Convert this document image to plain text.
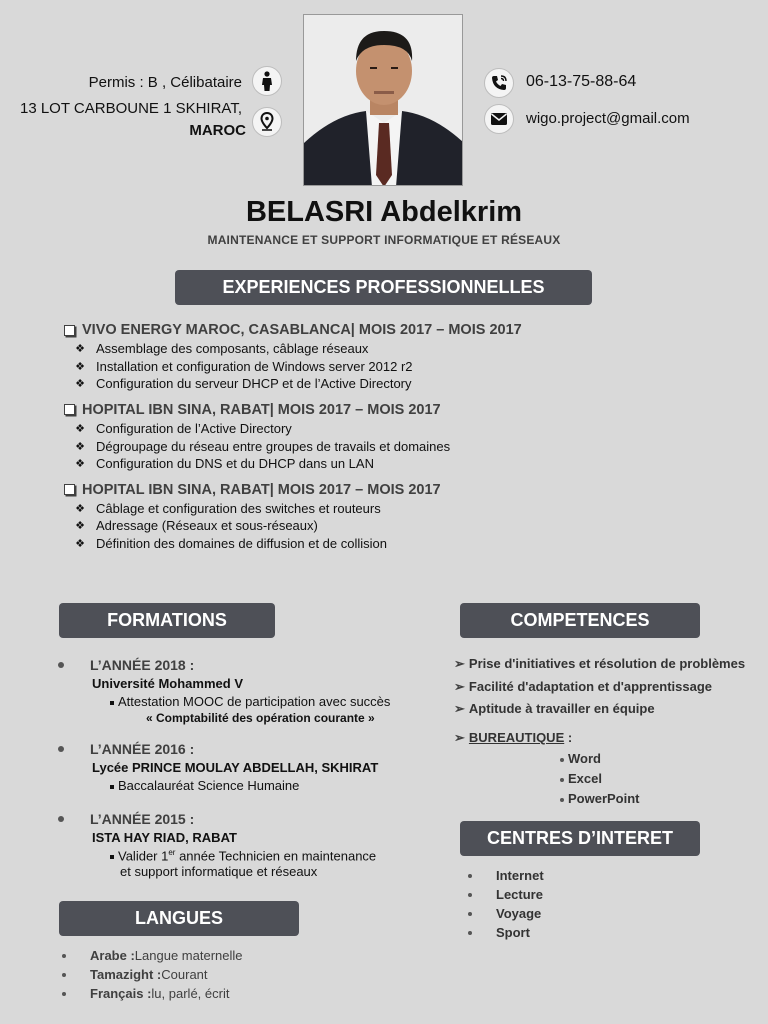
Permis : B , Célibataire
13 LOT CARBOUNE 1 SKHIRAT,
MAROC
06-13-75-88-64
wigo.project@gmail.com
BELASRI Abdelkrim
MAINTENANCE ET SUPPORT INFORMATIQUE ET RÉSEAUX
EXPERIENCES PROFESSIONNELLES
VIVO ENERGY MAROC, CASABLANCA| MOIS 2017 – MOIS 2017
❖ Assemblage des composants, câblage réseaux
❖ Installation et configuration de Windows server 2012 r2
❖ Configuration du serveur DHCP et de l’Active Directory
HOPITAL IBN SINA, RABAT| MOIS 2017 – MOIS 2017
❖ Configuration de l’Active Directory
❖ Dégroupage du réseau entre groupes de travails et domaines
❖ Configuration du DNS et du DHCP dans un LAN
HOPITAL IBN SINA, RABAT| MOIS 2017 – MOIS 2017
❖ Câblage et configuration des switches et routeurs
❖ Adressage (Réseaux et sous-réseaux)
❖ Définition des domaines de diffusion et de collision
FORMATIONS
L’ANNÉE 2018 :
Université Mohammed V
Attestation MOOC de participation avec succès
« Comptabilité des opération courante »
L’ANNÉE 2016 :
Lycée PRINCE MOULAY ABDELLAH, SKHIRAT
Baccalauréat Science Humaine
L’ANNÉE 2015 :
ISTA HAY RIAD, RABAT
Valider 1er année Technicien en maintenance
et support informatique et réseaux
LANGUES
Arabe : Langue maternelle
Tamazight : Courant
Français : lu, parlé, écrit
COMPETENCES
➢ Prise d'initiatives et résolution de problèmes
➢ Facilité d'adaptation et d'apprentissage
➢ Aptitude à travailler en équipe
➢ BUREAUTIQUE :
Word
Excel
PowerPoint
CENTRES D’INTERET
Internet
Lecture
Voyage
Sport
